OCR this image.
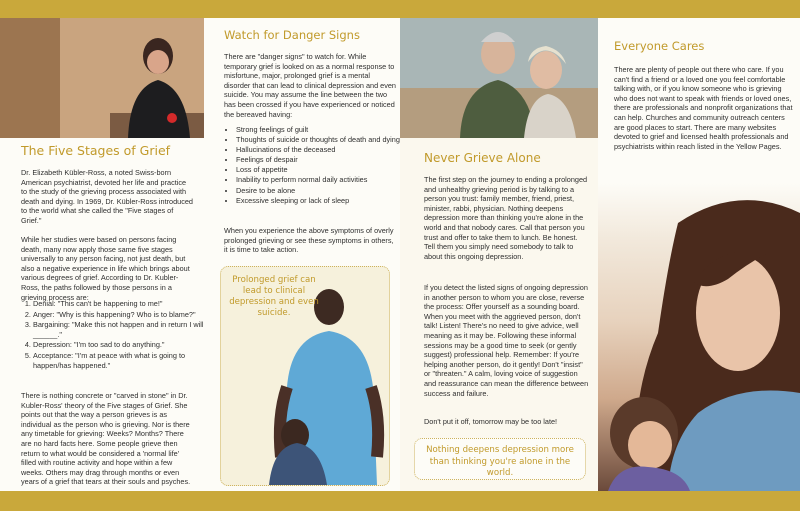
The Five Stages of Grief
Dr. Elizabeth Kübler-Ross, a noted Swiss-born American psychiatrist, devoted her life and practice to the study of the grieving process associated with death and dying. In 1969, Dr. Kübler-Ross introduced to the world what she called the "Five stages of Grief."
While her studies were based on persons facing death, many now apply those same five stages universally to any person facing, not just death, but also a negative experience in life which brings about various degrees of grief. According to Dr. Kubler-Ross, the paths followed by those persons in a grieving process are:
1. Denial: "This can't be happening to me!"
2. Anger: "Why is this happening? Who is to blame?"
3. Bargaining: "Make this not happen and in return I will ______."
4. Depression: "I'm too sad to do anything."
5. Acceptance: "I'm at peace with what is going to happen/has happened."
There is nothing concrete or "carved in stone" in Dr. Kubler-Ross' theory of the Five stages of Grief. She points out that the way a person grieves is as individual as the person who is grieving. Nor is there any timetable for grieving: Weeks? Months? There are no hard facts here. Some people grieve then return to what would be considered a 'normal life' filled with routine activity and hope within a few weeks. Others may drag through months or even years of a grief that tears at their souls and psyches.
Watch for Danger Signs
There are "danger signs" to watch for. While temporary grief is looked on as a normal response to misfortune, major, prolonged grief is a mental disorder that can lead to clinical depression and even suicide. You may assume the line between the two has been crossed if you have experienced or noticed the bereaved having:
• Strong feelings of guilt
• Thoughts of suicide or thoughts of death and dying
• Hallucinations of the deceased
• Feelings of despair
• Loss of appetite
• Inability to perform normal daily activities
• Desire to be alone
• Excessive sleeping or lack of sleep
When you experience the above symptoms of overly prolonged grieving or see these symptoms in others, it is time to take action.
Prolonged grief can lead to clinical depression and even suicide.
Never Grieve Alone
The first step on the journey to ending a prolonged and unhealthy grieving period is by talking to a person you trust: family member, friend, priest, minister, rabbi, physician. Nothing deepens depression more than thinking you're alone in the world and that nobody cares. Call that person you trust and offer to take them to lunch. Be honest. Tell them you simply need somebody to talk to about this ongoing depression.
If you detect the listed signs of ongoing depression in another person to whom you are close, reverse the process: Offer yourself as a sounding board. When you meet with the aggrieved person, don't talk! Listen! There's no need to give advice, well meaning as it may be. Following these informal sessions may be a good time to seek (or gently suggest) professional help. Remember: If you're helping another person, do it gently! Don't "insist" or "threaten." A calm, loving voice of suggestion and reassurance can mean the difference between success and failure.
Don't put it off, tomorrow may be too late!
Nothing deepens depression more than thinking you're alone in the world.
Everyone Cares
There are plenty of people out there who care. If you can't find a friend or a loved one you feel comfortable talking with, or if you know someone who is grieving who does not want to speak with friends or loved ones, there are professionals and nonprofit organizations that can help. Churches and community outreach centers are good places to start. There are many websites devoted to grief and licensed health professionals and psychiatrists within reach listed in the Yellow Pages.
